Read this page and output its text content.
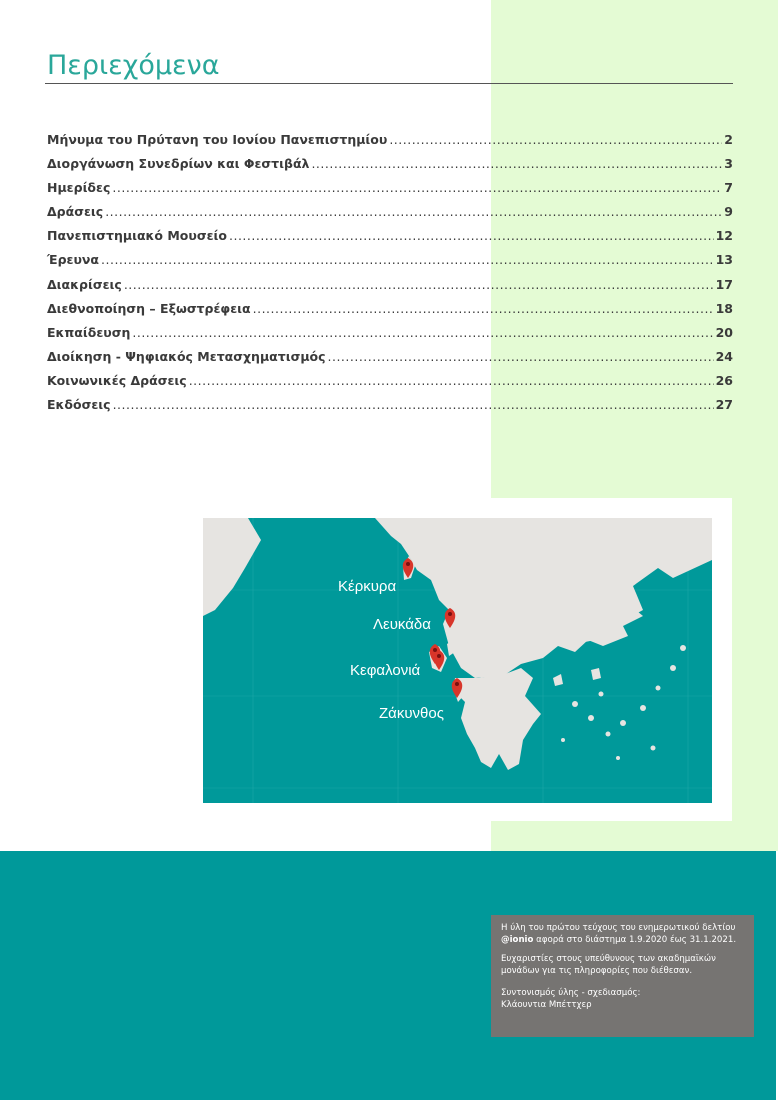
Περιεχόμενα
Μήνυμα του Πρύτανη του Ιονίου Πανεπιστημίου .....	2
Διοργάνωση Συνεδρίων και Φεστιβάλ .....	3
Ημερίδες .....	7
Δράσεις .....	9
Πανεπιστημιακό Μουσείο .....	12
Έρευνα .....	13
Διακρίσεις .....	17
Διεθνοποίηση – Εξωστρέφεια .....	18
Εκπαίδευση .....	20
Διοίκηση - Ψηφιακός Μετασχηματισμός .....	24
Κοινωνικές Δράσεις .....	26
Εκδόσεις .....	27
Κέρκυρα
Λευκάδα
Κεφαλονιά
Ζάκυνθος

Η ύλη του πρώτου τεύχους του ενημερωτικού δελτίου
@ionio αφορά στο διάστημα 1.9.2020 έως 31.1.2021.

Ευχαριστίες στους υπεύθυνους των ακαδημαϊκών μονάδων για τις πληροφορίες που διέθεσαν.

Συντονισμός ύλης - σχεδιασμός:
Κλάουντια Μπέττχερ
